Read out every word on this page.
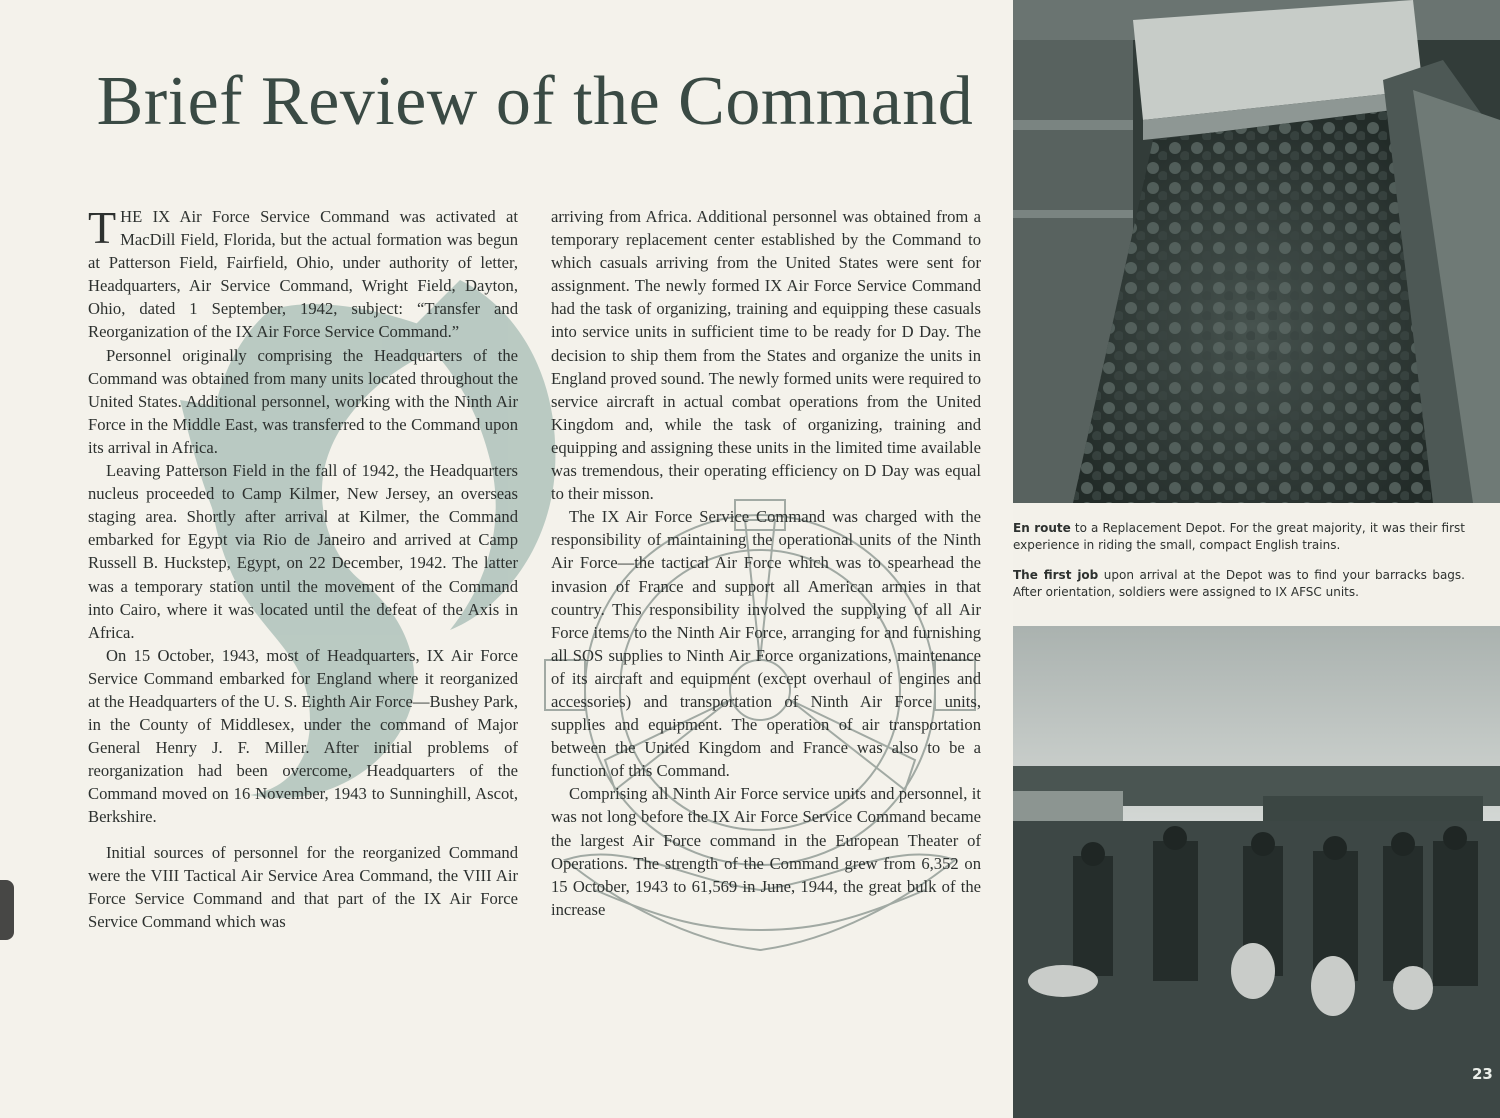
Brief Review of the Command

THE IX Air Force Service Command was activated at MacDill Field, Florida, but the actual formation was begun at Patterson Field, Fairfield, Ohio, under authority of letter, Headquarters, Air Service Command, Wright Field, Dayton, Ohio, dated 1 September, 1942, subject: “Transfer and Reorganization of the IX Air Force Service Command.”

Personnel originally comprising the Headquarters of the Command was obtained from many units located throughout the United States. Additional personnel, working with the Ninth Air Force in the Middle East, was transferred to the Command upon its arrival in Africa.

Leaving Patterson Field in the fall of 1942, the Headquarters nucleus proceeded to Camp Kilmer, New Jersey, an overseas staging area. Shortly after arrival at Kilmer, the Command embarked for Egypt via Rio de Janeiro and arrived at Camp Russell B. Huckstep, Egypt, on 22 December, 1942. The latter was a temporary station until the movement of the Command into Cairo, where it was located until the defeat of the Axis in Africa.

On 15 October, 1943, most of Headquarters, IX Air Force Service Command embarked for England where it reorganized at the Headquarters of the U. S. Eighth Air Force—Bushey Park, in the County of Middlesex, under the command of Major General Henry J. F. Miller. After initial problems of reorganization had been overcome, Headquarters of the Command moved on 16 November, 1943 to Sunninghill, Ascot, Berkshire.

Initial sources of personnel for the reorganized Command were the VIII Tactical Air Service Area Command, the VIII Air Force Service Command and that part of the IX Air Force Service Command which was

arriving from Africa. Additional personnel was obtained from a temporary replacement center established by the Command to which casuals arriving from the United States were sent for assignment. The newly formed IX Air Force Service Command had the task of organizing, training and equipping these casuals into service units in sufficient time to be ready for D Day. The decision to ship them from the States and organize the units in England proved sound. The newly formed units were required to service aircraft in actual combat operations from the United Kingdom and, while the task of organizing, training and equipping and assigning these units in the limited time available was tremendous, their operating efficiency on D Day was equal to their misson.

The IX Air Force Service Command was charged with the responsibility of maintaining the operational units of the Ninth Air Force—the tactical Air Force which was to spearhead the invasion of France and support all American armies in that country. This responsibility involved the supplying of all Air Force items to the Ninth Air Force, arranging for and furnishing all SOS supplies to Ninth Air Force organizations, maintenance of its aircraft and equipment (except overhaul of engines and accessories) and transportation of Ninth Air Force units, supplies and equipment. The operation of air transportation between the United Kingdom and France was also to be a function of this Command.

Comprising all Ninth Air Force service units and personnel, it was not long before the IX Air Force Service Command became the largest Air Force command in the European Theater of Operations. The strength of the Command grew from 6,352 on 15 October, 1943 to 61,569 in June, 1944, the great bulk of the increase

En route to a Replacement Depot. For the great majority, it was their first experience in riding the small, compact English trains.

The first job upon arrival at the Depot was to find your barracks bags. After orientation, soldiers were assigned to IX AFSC units.

23
